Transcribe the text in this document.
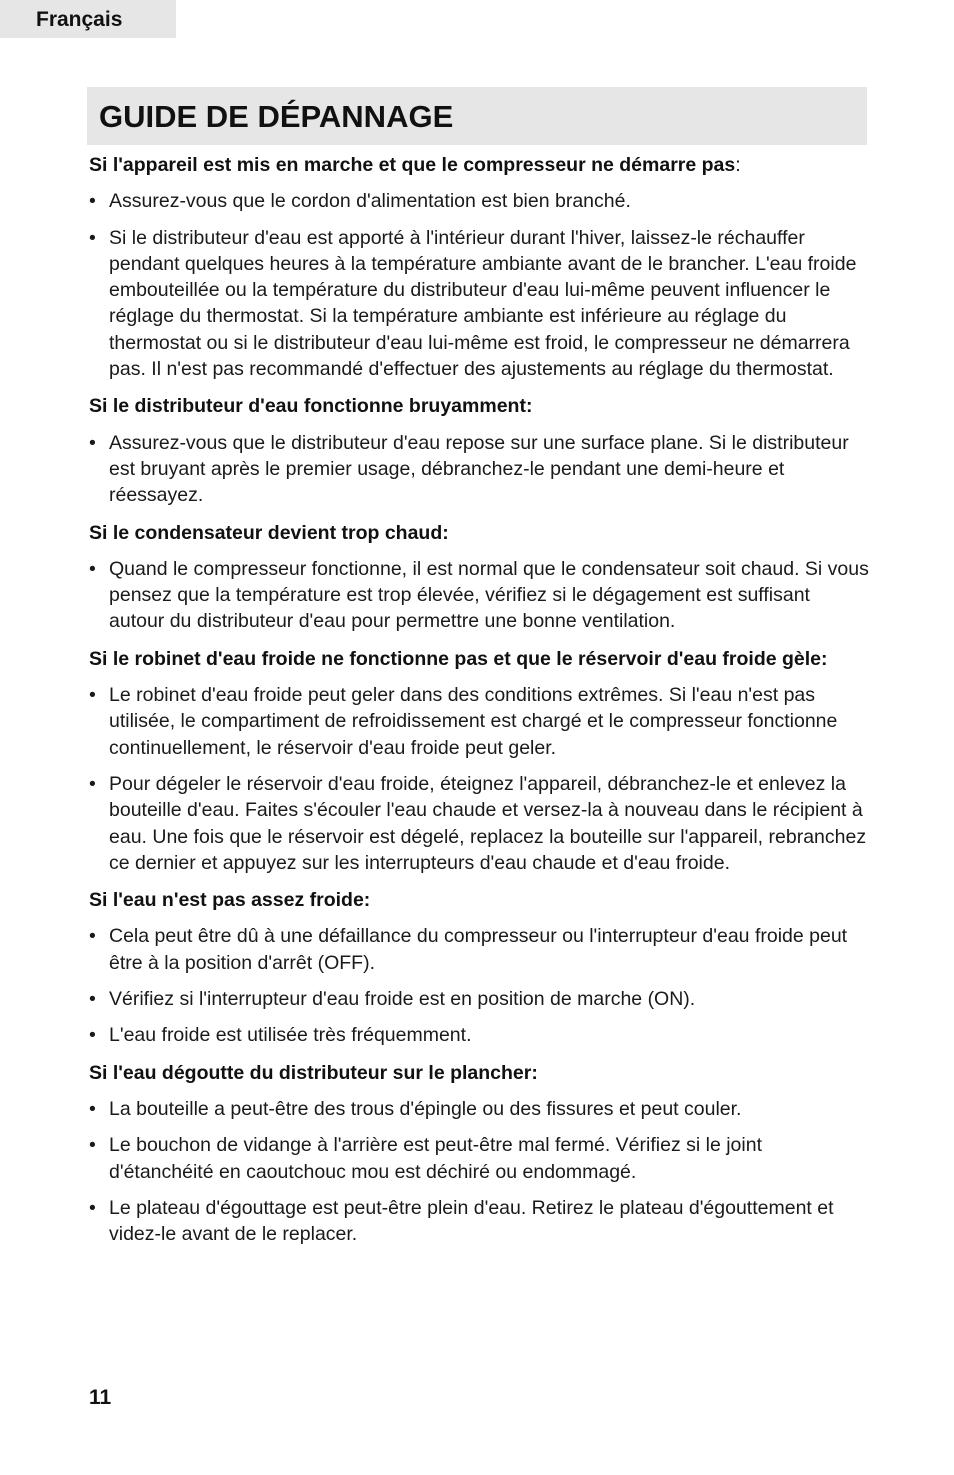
Français
GUIDE DE DÉPANNAGE

Si l'appareil est mis en marche et que le compresseur ne démarre pas:

• Assurez-vous que le cordon d'alimentation est bien branché.
• Si le distributeur d'eau est apporté à l'intérieur durant l'hiver, laissez-le réchauffer pendant quelques heures à la température ambiante avant de le brancher. L'eau froide embouteillée ou la température du distributeur d'eau lui-même peuvent influencer le réglage du thermostat. Si la température ambiante est inférieure au réglage du thermostat ou si le distributeur d'eau lui-même est froid, le compresseur ne démarrera pas. Il n'est pas recommandé d'effectuer des ajustements au réglage du thermostat.

Si le distributeur d'eau fonctionne bruyamment:

• Assurez-vous que le distributeur d'eau repose sur une surface plane. Si le distributeur est bruyant après le premier usage, débranchez-le pendant une demi-heure et réessayez.

Si le condensateur devient trop chaud:

• Quand le compresseur fonctionne, il est normal que le condensateur soit chaud. Si vous pensez que la température est trop élevée, vérifiez si le dégagement est suffisant autour du distributeur d'eau pour permettre une bonne ventilation.

Si le robinet d'eau froide ne fonctionne pas et que le réservoir d'eau froide gèle:

• Le robinet d'eau froide peut geler dans des conditions extrêmes. Si l'eau n'est pas utilisée, le compartiment de refroidissement est chargé et le compresseur fonctionne continuellement, le réservoir d'eau froide peut geler.
• Pour dégeler le réservoir d'eau froide, éteignez l'appareil, débranchez-le et enlevez la bouteille d'eau. Faites s'écouler l'eau chaude et versez-la à nouveau dans le récipient à eau. Une fois que le réservoir est dégelé, replacez la bouteille sur l'appareil, rebranchez ce dernier et appuyez sur les interrupteurs d'eau chaude et d'eau froide.

Si l'eau n'est pas assez froide:

• Cela peut être dû à une défaillance du compresseur ou l'interrupteur d'eau froide peut être à la position d'arrêt (OFF).
• Vérifiez si l'interrupteur d'eau froide est en position de marche (ON).
• L'eau froide est utilisée très fréquemment.

Si l'eau dégoutte du distributeur sur le plancher:

• La bouteille a peut-être des trous d'épingle ou des fissures et peut couler.
• Le bouchon de vidange à l'arrière est peut-être mal fermé. Vérifiez si le joint d'étanchéité en caoutchouc mou est déchiré ou endommagé.
• Le plateau d'égouttage est peut-être plein d'eau. Retirez le plateau d'égouttement et videz-le avant de le replacer.
11
